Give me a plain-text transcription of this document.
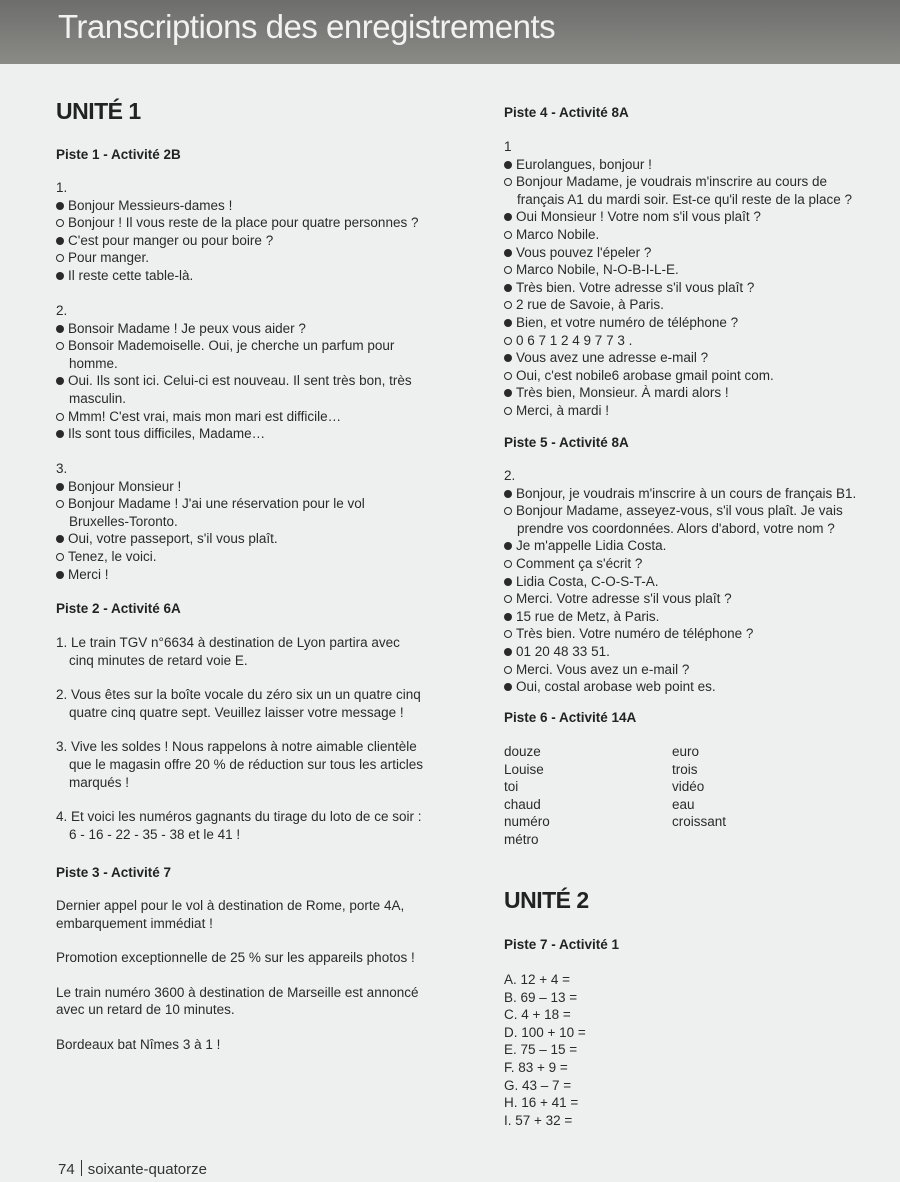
Transcriptions des enregistrements
UNITÉ 1
Piste 1 - Activité 2B
1.
Bonjour Messieurs-dames !
Bonjour ! Il vous reste de la place pour quatre personnes ?
C'est pour manger ou pour boire ?
Pour manger.
Il reste cette table-là.
2.
Bonsoir Madame ! Je peux vous aider ?
Bonsoir Mademoiselle. Oui, je cherche un parfum pour homme.
Oui. Ils sont ici. Celui-ci est nouveau. Il sent très bon, très masculin.
Mmm! C'est vrai, mais mon mari est difficile…
Ils sont tous difficiles, Madame…
3.
Bonjour Monsieur !
Bonjour Madame ! J'ai une réservation pour le vol Bruxelles-Toronto.
Oui, votre passeport, s'il vous plaît.
Tenez, le voici.
Merci !
Piste 2 - Activité 6A
1. Le train TGV n°6634 à destination de Lyon partira avec cinq minutes de retard voie E.
2. Vous êtes sur la boîte vocale du zéro six un un quatre cinq quatre cinq quatre sept. Veuillez laisser votre message !
3. Vive les soldes ! Nous rappelons à notre aimable clientèle que le magasin offre 20 % de réduction sur tous les articles marqués !
4. Et voici les numéros gagnants du tirage du loto de ce soir : 6 - 16 - 22 - 35 - 38 et le 41 !
Piste 3 - Activité 7
Dernier appel pour le vol à destination de Rome, porte 4A, embarquement immédiat !
Promotion exceptionnelle de 25 % sur les appareils photos !
Le train numéro 3600 à destination de Marseille est annoncé avec un retard de 10 minutes.
Bordeaux bat Nîmes 3 à 1 !
Piste 4 - Activité 8A
1
Eurolangues, bonjour !
Bonjour Madame, je voudrais m'inscrire au cours de français A1 du mardi soir. Est-ce qu'il reste de la place ?
Oui Monsieur ! Votre nom s'il vous plaît ?
Marco Nobile.
Vous pouvez l'épeler ?
Marco Nobile, N-O-B-I-L-E.
Très bien. Votre adresse s'il vous plaît ?
2 rue de Savoie, à Paris.
Bien, et votre numéro de téléphone ?
0 6 7 1 2 4 9 7 7 3 .
Vous avez une adresse e-mail ?
Oui, c'est nobile6 arobase gmail point com.
Très bien, Monsieur. À mardi alors !
Merci, à mardi !
Piste 5 - Activité 8A
2.
Bonjour, je voudrais m'inscrire à un cours de français B1.
Bonjour Madame, asseyez-vous, s'il vous plaît. Je vais prendre vos coordonnées. Alors d'abord, votre nom ?
Je m'appelle Lidia Costa.
Comment ça s'écrit ?
Lidia Costa, C-O-S-T-A.
Merci. Votre adresse s'il vous plaît ?
15 rue de Metz, à Paris.
Très bien. Votre numéro de téléphone ?
01 20 48 33 51.
Merci. Vous avez un e-mail ?
Oui, costal arobase web point es.
Piste 6 - Activité 14A
douze
Louise
toi
chaud
numéro
métro
euro
trois
vidéo
eau
croissant
UNITÉ 2
Piste 7 - Activité 1
A. 12 + 4 =
B. 69 – 13 =
C. 4 + 18 =
D. 100 + 10 =
E. 75 – 15 =
F. 83 + 9 =
G. 43 – 7 =
H. 16 + 41 =
I. 57 + 32 =
74 soixante-quatorze
